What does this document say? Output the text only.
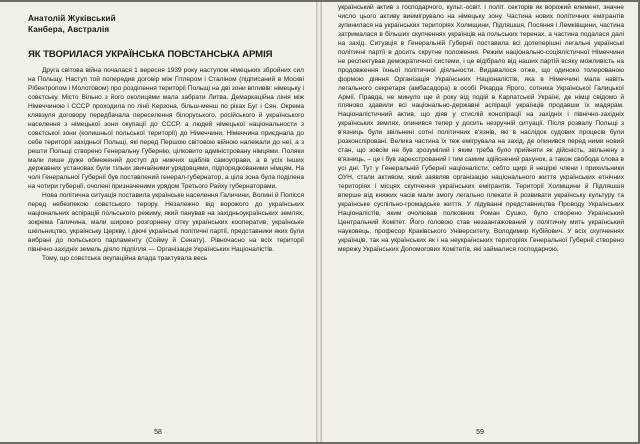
Анатолій Жуківський
Канбера, Австралія
ЯК ТВОРИЛАСЯ УКРАЇНСЬКА ПОВСТАНСЬКА АРМІЯ

Друга світова війна почалася 1 вересня 1939 року наступом німецьких збройних сил на Польщу. Наступ той попередив договір між Гітлером і Сталіном (підписаний в Москві Рібентропом і Молотовом) про розділення території Польщі на дві зони впливів: німецьку і совєтську. Місто Вільно з його околицями мала забрати Литва. Демаркаційна лінія між Німеччиною і СССР проходила по лінії Керзона, більш-менш по ріках Буг і Сян. Окрема клявзуля договору передбачала переселення білоруського, російського й українського населення з німецької зони окупації до СССР, а людей німецької національности з совєтської зони (колишньої польської території) до Німеччини. Німеччина приєднала до себе території західньої Польщі, які перед Першою світовою війною належали до неї, а з решти Польщі створено Генеральну Губернію, цілковито адміністровану німцями. Поляки мали лише дуже обмежений доступ до нижчих щаблів самоуправи, а в усіх інших державних установах були тільки звичайними урядовцями, підпорядкованими німцям. На чолі Генеральної Губернії був поставлений генерал-губернатор, а ціла зона була поділена на чотири губернії, очолені призначеними урядом Третього Райху губернаторами.

Нова політична ситуація поставила українське населення Галичини, Волині й Полісся перед небезпекою совєтського терору. Незалежно від ворожого до українських національних аспірацій польського режиму, який панував на західньоукраїнських землях, зокрема Галичина, мали широко розгорнену сітку українських кооператив, українське шкільництво, українську Церкву, і діючі українські політичні партії, представники яких були вибрані до польського парламенту (Сойму й Сенату). Рівночасно на всіх території північно-західніх земель діяло підпілля — Організація Українських Націоналістів.

Тому, що совєтська окупаційна влада трактувала весь

58

український актив з господарчого, культ.-освіт. і політ. секторів як ворожий елемент, значне число цього активу виемігрувало на німецьку зону. Частина нових політичних емігрантів зупинилася на українських територіях Холмщини, Підляшшя, Посяння і Лемківщини, частина затрималася в більших скупченнях українців на польських теренах, а частина подалася далі на захід. Ситуація в Генеральній Губернії поставила всі дотеперішні легальні українські політичні партії в досить скрутне положення. Режим національно-соціялістичної Німеччини не респектував демократичної системи, і це відібрало від наших партій всяку можливість на продовження їхньої політичної діяльности. Видавалося отже, що одиноко толерованою формою діяння Організація Українських Націоналістів, яка в Німеччині мала навіть легального секретаря (амбасадора) в особі Рікарда Ярого, сотника Української Галицької Армії. Правда, не минуло ще й року від подій в Карпатській Україні, де німці свідомо й пляново здавили всі національно-державні аспірації українців продавши їх мадярам. Націоналістичний актив, що діяв у стислій конспірації на західніх і північно-західніх українських землях, опинився тепер у досить незручній ситуації. Після розвалу Польщі з в'язниць були звільнені сотні політичних в'язнів, які в наслідок судових процесів були розконспіровані. Велика частина їх теж емігрувала на захід, де опинився перед ними новий стан, що зовсім не був зрозумілий і яким треба було прийняти як дійсність, звільнену з в'язниць, – це і був зареєстрований і тим самим здійснений рахунок, а також свобода слова в усі дні. Тут у Генеральній Губернії націоналісти, себто щирі й неціркі члени і прихильники ОУН, стали активом, який заявляв організацію національного життя українських етнічних територіях і місцях скупчення українських емігрантів. Території Холмщини й Підляшшя вперше від княжих часів мали змогу легально плекати й розвивати українську культуру та українське суспільно-громадське життя. У лідуванні представництва Проводу Українських Націоналістів, яким очолював полковник Роман Сушко, було створено Український Центральний Комітет. Його головою став незаангажований у політичну мить український науковець, професор Краківського Університету, Володимир Кубійович. У всіх скупченнях українців, так на українських як і на неукраїнських територіях Генеральної Губернії створено мережу Українських Допомогових Комітетів, які займалися господарчою,

59
